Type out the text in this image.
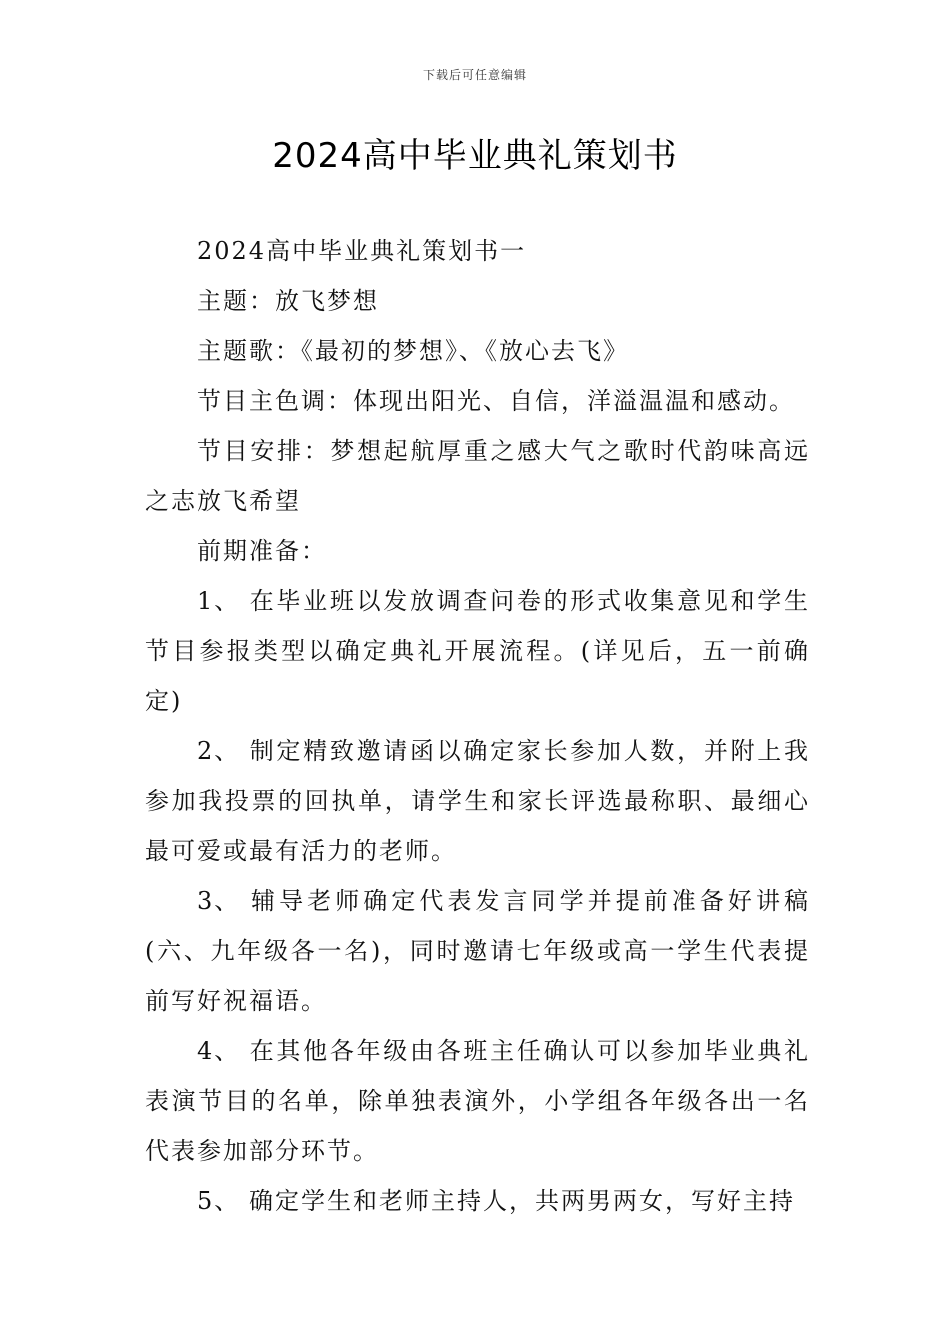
下载后可任意编辑
2024高中毕业典礼策划书

2024高中毕业典礼策划书一

主题：放飞梦想

主题歌：《最初的梦想》、《放心去飞》

节目主色调：体现出阳光、自信，洋溢温温和感动。

节目安排：梦想起航厚重之感大气之歌时代韵味高远之志放飞希望

前期准备：

1、 在毕业班以发放调查问卷的形式收集意见和学生节目参报类型以确定典礼开展流程。(详见后，五一前确定)

2、 制定精致邀请函以确定家长参加人数，并附上我参加我投票的回执单，请学生和家长评选最称职、最细心最可爱或最有活力的老师。

3、 辅导老师确定代表发言同学并提前准备好讲稿(六、九年级各一名)，同时邀请七年级或高一学生代表提前写好祝福语。

4、 在其他各年级由各班主任确认可以参加毕业典礼表演节目的名单，除单独表演外，小学组各年级各出一名代表参加部分环节。

5、 确定学生和老师主持人，共两男两女，写好主持
